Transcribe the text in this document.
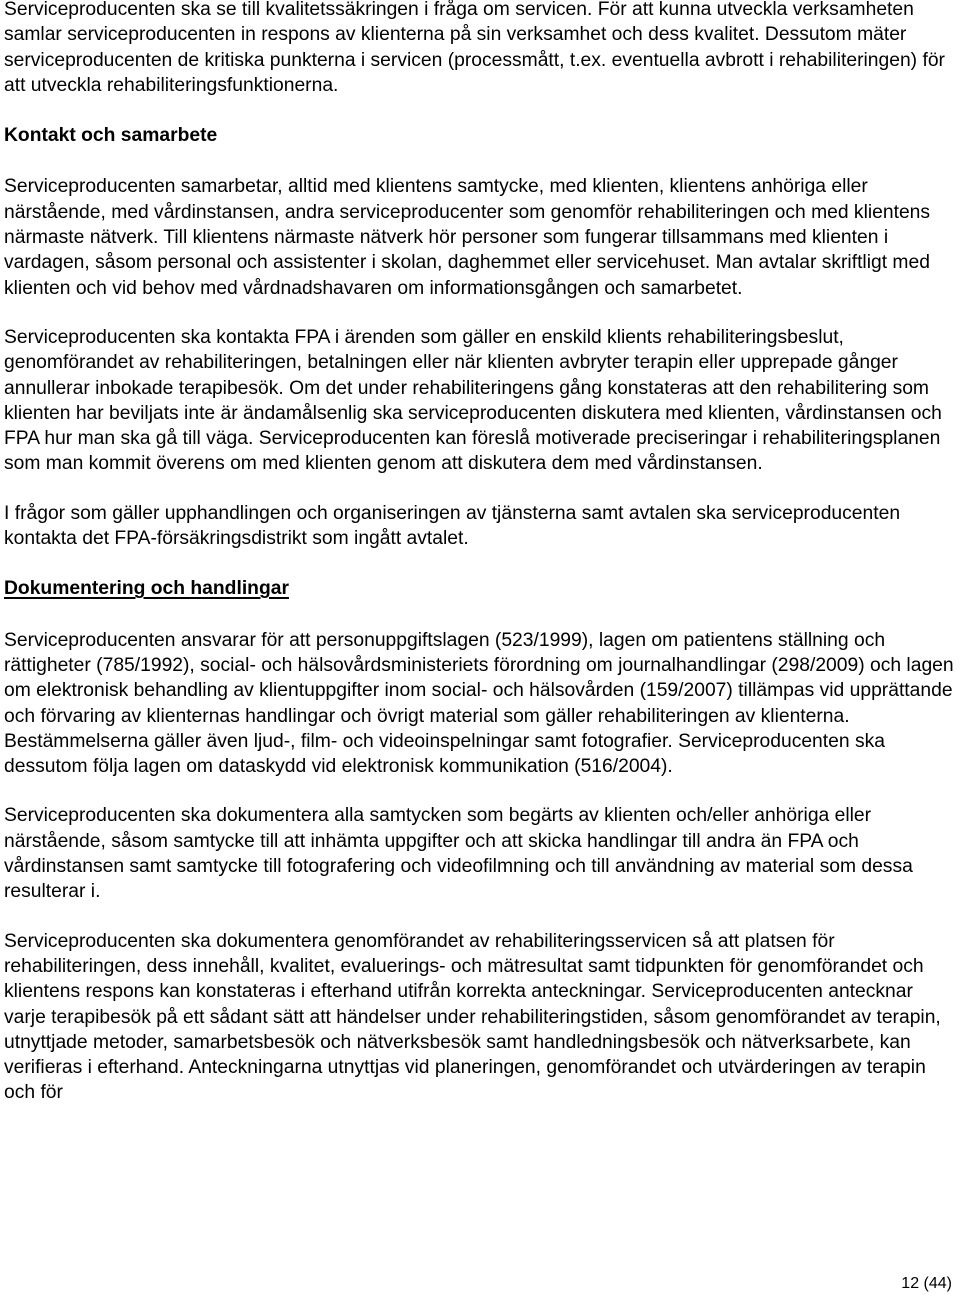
Serviceproducenten ska se till kvalitetssäkringen i fråga om servicen. För att kunna utveckla verksamheten samlar serviceproducenten in respons av klienterna på sin verksamhet och dess kvalitet. Dessutom mäter serviceproducenten de kritiska punkterna i servicen (processmått, t.ex. eventuella avbrott i rehabiliteringen) för att utveckla rehabiliteringsfunktionerna.

Kontakt och samarbete

Serviceproducenten samarbetar, alltid med klientens samtycke, med klienten, klientens anhöriga eller närstående, med vårdinstansen, andra serviceproducenter som genomför rehabiliteringen och med klientens närmaste nätverk. Till klientens närmaste nätverk hör personer som fungerar tillsammans med klienten i vardagen, såsom personal och assistenter i skolan, daghemmet eller servicehuset. Man avtalar skriftligt med klienten och vid behov med vårdnadshavaren om informationsgången och samarbetet.

Serviceproducenten ska kontakta FPA i ärenden som gäller en enskild klients rehabiliteringsbeslut, genomförandet av rehabiliteringen, betalningen eller när klienten avbryter terapin eller upprepade gånger annullerar inbokade terapibesök. Om det under rehabiliteringens gång konstateras att den rehabilitering som klienten har beviljats inte är ändamålsenlig ska serviceproducenten diskutera med klienten, vårdinstansen och FPA hur man ska gå till väga. Serviceproducenten kan föreslå motiverade preciseringar i rehabiliteringsplanen som man kommit överens om med klienten genom att diskutera dem med vårdinstansen.

I frågor som gäller upphandlingen och organiseringen av tjänsterna samt avtalen ska serviceproducenten kontakta det FPA-försäkringsdistrikt som ingått avtalet.

Dokumentering och handlingar

Serviceproducenten ansvarar för att personuppgiftslagen (523/1999), lagen om patientens ställning och rättigheter (785/1992), social- och hälsovårdsministeriets förordning om journalhandlingar (298/2009) och lagen om elektronisk behandling av klientuppgifter inom social- och hälsovården (159/2007) tillämpas vid upprättande och förvaring av klienternas handlingar och övrigt material som gäller rehabiliteringen av klienterna. Bestämmelserna gäller även ljud-, film- och videoinspelningar samt fotografier. Serviceproducenten ska dessutom följa lagen om dataskydd vid elektronisk kommunikation (516/2004).

Serviceproducenten ska dokumentera alla samtycken som begärts av klienten och/eller anhöriga eller närstående, såsom samtycke till att inhämta uppgifter och att skicka handlingar till andra än FPA och vårdinstansen samt samtycke till fotografering och videofilmning och till användning av material som dessa resulterar i.

Serviceproducenten ska dokumentera genomförandet av rehabiliteringsservicen så att platsen för rehabiliteringen, dess innehåll, kvalitet, evaluerings- och mätresultat samt tidpunkten för genomförandet och klientens respons kan konstateras i efterhand utifrån korrekta anteckningar. Serviceproducenten antecknar varje terapibesök på ett sådant sätt att händelser under rehabiliteringstiden, såsom genomförandet av terapin, utnyttjade metoder, samarbetsbesök och nätverksbesök samt handledningsbesök och nätverksarbete, kan verifieras i efterhand. Anteckningarna utnyttjas vid planeringen, genomförandet och utvärderingen av terapin och för

12 (44)
